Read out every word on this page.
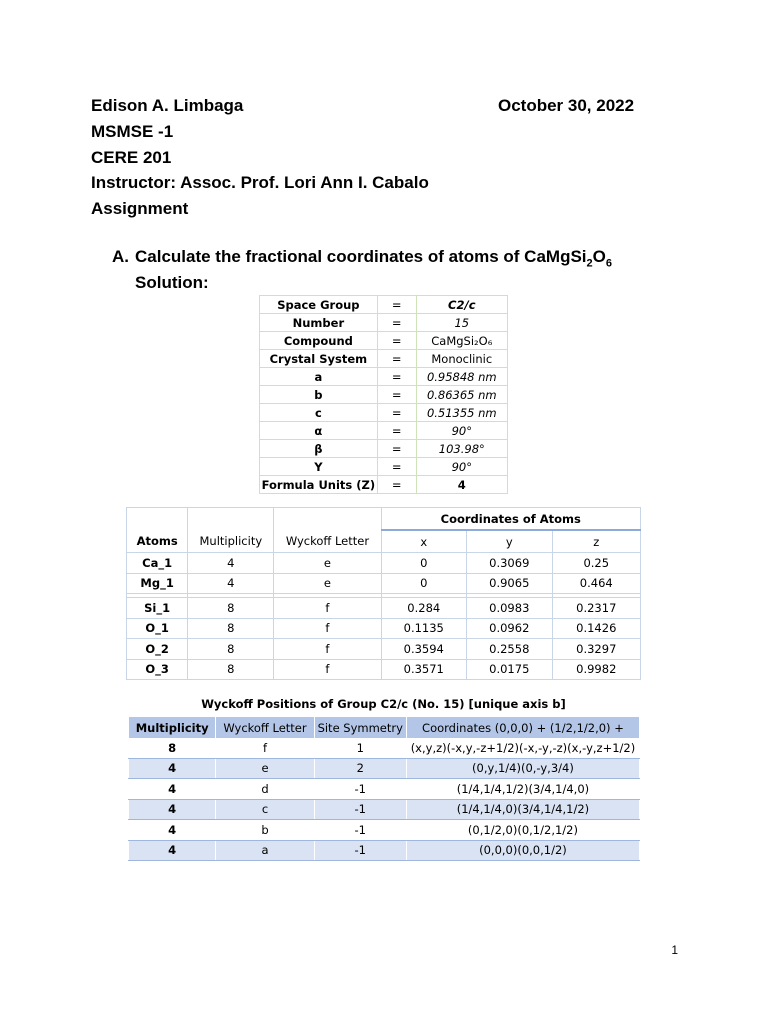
Edison A. Limbaga	October 30, 2022
MSMSE -1
CERE 201
Instructor: Assoc. Prof. Lori Ann I. Cabalo
Assignment
A. Calculate the fractional coordinates of atoms of $CaMgSi_2O_6$
Solution:
Space Group	=	C2/c
Number	=	15
Compound	=	CaMgSi₂O₆
Crystal System	=	Monoclinic
a	=	0.95848 nm
b	=	0.86365 nm
c	=	0.51355 nm
α	=	90°
β	=	103.98°
Υ	=	90°
Formula Units (Z)	=	4
			Coordinates of Atoms		
Atoms	Multiplicity	Wyckoff Letter	x	y	z
Ca_1	4	e	0	0.3069	0.25
Mg_1	4	e	0	0.9065	0.464

Si_1	8	f	0.284	0.0983	0.2317
O_1	8	f	0.1135	0.0962	0.1426
O_2	8	f	0.3594	0.2558	0.3297
O_3	8	f	0.3571	0.0175	0.9982
Wyckoff Positions of Group C2/c (No. 15) [unique axis b]
Multiplicity	Wyckoff Letter	Site Symmetry	Coordinates (0,0,0) + (1/2,1/2,0) +
8	f	1	(x,y,z)(-x,y,-z+1/2)(-x,-y,-z)(x,-y,z+1/2)
4	e	2	(0,y,1/4)(0,-y,3/4)
4	d	-1	(1/4,1/4,1/2)(3/4,1/4,0)
4	c	-1	(1/4,1/4,0)(3/4,1/4,1/2)
4	b	-1	(0,1/2,0)(0,1/2,1/2)
4	a	-1	(0,0,0)(0,0,1/2)
1
